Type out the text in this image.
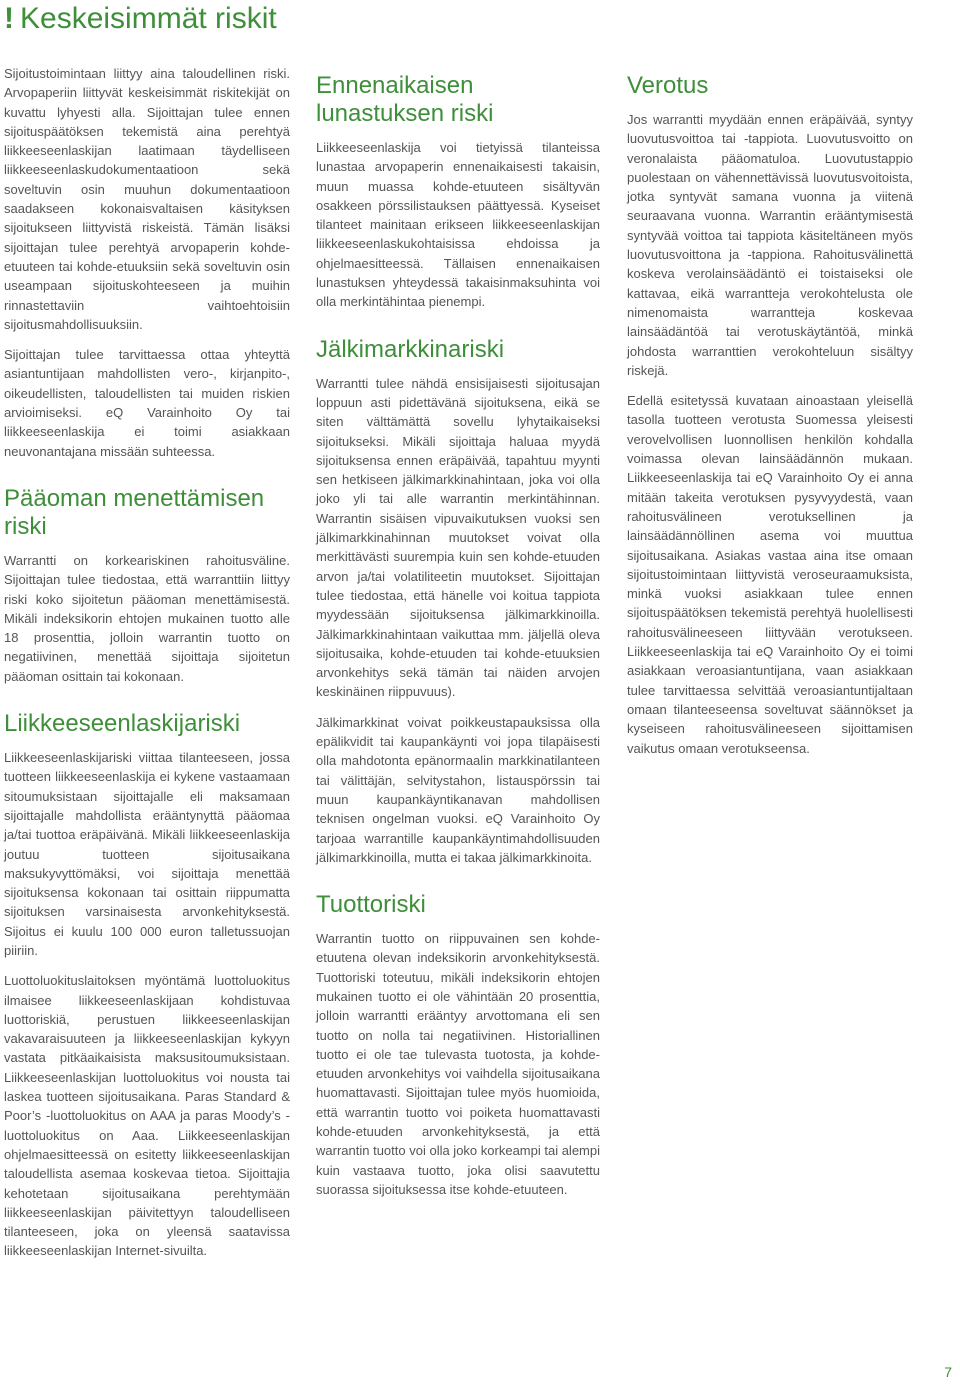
! Keskeisimmät riskit

Sijoitustoimintaan liittyy aina taloudellinen riski. Arvopaperiin liittyvät keskeisimmät riskitekijät on kuvattu lyhyesti alla. Sijoittajan tulee ennen sijoituspäätöksen tekemistä aina perehtyä liikkeeseenlaskijan laatimaan täydelliseen liikkeeseenlaskudokumentaatioon sekä soveltuvin osin muuhun dokumentaatioon saadakseen kokonaisvaltaisen käsityksen sijoitukseen liittyvistä riskeistä. Tämän lisäksi sijoittajan tulee perehtyä arvopaperin kohde-etuuteen tai kohde-etuuksiin sekä soveltuvin osin useampaan sijoituskohteeseen ja muihin rinnastettaviin vaihtoehtoisiin sijoitusmahdollisuuksiin.

Sijoittajan tulee tarvittaessa ottaa yhteyttä asiantuntijaan mahdollisten vero-, kirjanpito-, oikeudellisten, taloudellisten tai muiden riskien arvioimiseksi. eQ Varainhoito Oy tai liikkeeseenlaskija ei toimi asiakkaan neuvonantajana missään suhteessa.

Pääoman menettämisen riski

Warrantti on korkeariskinen rahoitusväline. Sijoittajan tulee tiedostaa, että warranttiin liittyy riski koko sijoitetun pääoman menettämisestä. Mikäli indeksikorin ehtojen mukainen tuotto alle 18 prosenttia, jolloin warrantin tuotto on negatiivinen, menettää sijoittaja sijoitetun pääoman osittain tai kokonaan.

Liikkeeseenlaskijariski

Liikkeeseenlaskijariski viittaa tilanteeseen, jossa tuotteen liikkeeseenlaskija ei kykene vastaamaan sitoumuksistaan sijoittajalle eli maksamaan sijoittajalle mahdollista erääntynyttä pääomaa ja/tai tuottoa eräpäivänä. Mikäli liikkeeseenlaskija joutuu tuotteen sijoitusaikana maksukyvyttömäksi, voi sijoittaja menettää sijoituksensa kokonaan tai osittain riippumatta sijoituksen varsinaisesta arvonkehityksestä. Sijoitus ei kuulu 100 000 euron talletussuojan piiriin.

Luottoluokituslaitoksen myöntämä luottoluokitus ilmaisee liikkeeseenlaskijaan kohdistuvaa luottoriskiä, perustuen liikkeeseenlaskijan vakavaraisuuteen ja liikkeeseenlaskijan kykyyn vastata pitkäaikaisista maksusitoumuksistaan. Liikkeeseenlaskijan luottoluokitus voi nousta tai laskea tuotteen sijoitusaikana. Paras Standard & Poor’s -luottoluokitus on AAA ja paras Moody’s -luottoluokitus on Aaa. Liikkeeseenlaskijan ohjelmaesitteessä on esitetty liikkeeseenlaskijan taloudellista asemaa koskevaa tietoa. Sijoittajia kehotetaan sijoitusaikana perehtymään liikkeeseenlaskijan päivitettyyn taloudelliseen tilanteeseen, joka on yleensä saatavissa liikkeeseenlaskijan Internet-sivuilta.

Ennenaikaisen lunastuksen riski

Liikkeeseenlaskija voi tietyissä tilanteissa lunastaa arvopaperin ennenaikaisesti takaisin, muun muassa kohde-etuuteen sisältyvän osakkeen pörssilistauksen päättyessä. Kyseiset tilanteet mainitaan erikseen liikkeeseenlaskijan liikkeeseenlaskukohtaisissa ehdoissa ja ohjelmaesitteessä. Tällaisen ennenaikaisen lunastuksen yhteydessä takaisinmaksuhinta voi olla merkintähintaa pienempi.

Jälkimarkkinariski

Warrantti tulee nähdä ensisijaisesti sijoitusajan loppuun asti pidettävänä sijoituksena, eikä se siten välttämättä sovellu lyhytaikaiseksi sijoitukseksi. Mikäli sijoittaja haluaa myydä sijoituksensa ennen eräpäivää, tapahtuu myynti sen hetkiseen jälkimarkkinahintaan, joka voi olla joko yli tai alle warrantin merkintähinnan. Warrantin sisäisen vipuvaikutuksen vuoksi sen jälkimarkkinahinnan muutokset voivat olla merkittävästi suurempia kuin sen kohde-etuuden arvon ja/tai volatiliteetin muutokset. Sijoittajan tulee tiedostaa, että hänelle voi koitua tappiota myydessään sijoituksensa jälkimarkkinoilla. Jälkimarkkinahintaan vaikuttaa mm. jäljellä oleva sijoitusaika, kohde-etuuden tai kohde-etuuksien arvonkehitys sekä tämän tai näiden arvojen keskinäinen riippuvuus).

Jälkimarkkinat voivat poikkeustapauksissa olla epälikvidit tai kaupankäynti voi jopa tilapäisesti olla mahdotonta epänormaalin markkinatilanteen tai välittäjän, selvitystahon, listauspörssin tai muun kaupankäyntikanavan mahdollisen teknisen ongelman vuoksi. eQ Varainhoito Oy tarjoaa warrantille kaupankäyntimahdollisuuden jälkimarkkinoilla, mutta ei takaa jälkimarkkinoita.

Tuottoriski

Warrantin tuotto on riippuvainen sen kohde-etuutena olevan indeksikorin arvonkehityksestä. Tuottoriski toteutuu, mikäli indeksikorin ehtojen mukainen tuotto ei ole vähintään 20 prosenttia, jolloin warrantti erääntyy arvottomana eli sen tuotto on nolla tai negatiivinen. Historiallinen tuotto ei ole tae tulevasta tuotosta, ja kohde-etuuden arvonkehitys voi vaihdella sijoitusaikana huomattavasti. Sijoittajan tulee myös huomioida, että warrantin tuotto voi poiketa huomattavasti kohde-etuuden arvonkehityksestä, ja että warrantin tuotto voi olla joko korkeampi tai alempi kuin vastaava tuotto, joka olisi saavutettu suorassa sijoituksessa itse kohde-etuuteen.

Verotus

Jos warrantti myydään ennen eräpäivää, syntyy luovutusvoittoa tai -tappiota. Luovutusvoitto on veronalaista pääomatuloa. Luovutustappio puolestaan on vähennettävissä luovutusvoitoista, jotka syntyvät samana vuonna ja viitenä seuraavana vuonna. Warrantin erääntymisestä syntyvää voittoa tai tappiota käsiteltäneen myös luovutusvoittona ja -tappiona. Rahoitusvälinettä koskeva verolainsäädäntö ei toistaiseksi ole kattavaa, eikä warrantteja verokohtelusta ole nimenomaista warrantteja koskevaa lainsäädäntöä tai verotuskäytäntöä, minkä johdosta warranttien verokohteluun sisältyy riskejä.

Edellä esitetyssä kuvataan ainoastaan yleisellä tasolla tuotteen verotusta Suomessa yleisesti verovelvollisen luonnollisen henkilön kohdalla voimassa olevan lainsäädännön mukaan. Liikkeeseenlaskija tai eQ Varainhoito Oy ei anna mitään takeita verotuksen pysyvyydestä, vaan rahoitusvälineen verotuksellinen ja lainsäädännöllinen asema voi muuttua sijoitusaikana. Asiakas vastaa aina itse omaan sijoitustoimintaan liittyvistä veroseuraamuksista, minkä vuoksi asiakkaan tulee ennen sijoituspäätöksen tekemistä perehtyä huolellisesti rahoitusvälineeseen liittyvään verotukseen. Liikkeeseenlaskija tai eQ Varainhoito Oy ei toimi asiakkaan veroasiantuntijana, vaan asiakkaan tulee tarvittaessa selvittää veroasiantuntijaltaan omaan tilanteeseensa soveltuvat säännökset ja kyseiseen rahoitusvälineeseen sijoittamisen vaikutus omaan verotukseensa.

7
